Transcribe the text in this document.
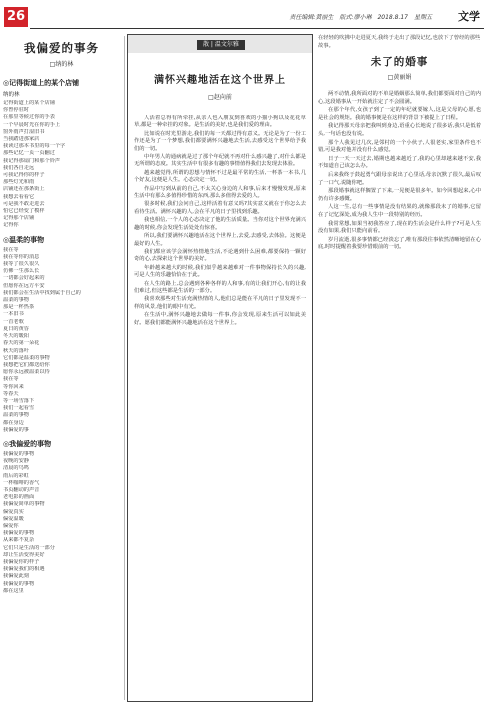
26	责任编辑:黄丽生　版式:廖小琳　2018.8.17　星期五 文学
我偏爱的事务
□纳的林
◎记得街道上的某个店铺
纳的林
记得街道上的某个店铺
你曾停驻时
在那里等候过你的手表
一个早晨时光在你的手上
窗外雨声打湿旧书
当我踏进那家店
我读过那本书里的每一个字
那些记忆一页一页翻过
我记得那扇门和那个铃声
我们各自走远
可我记得你的样子
那些灯光和雨
店铺还在那条街上
我想去看看它
可是我不敢走进去
怕它已经变了模样
记得那个店铺
记得你
◎温柔的事物
我在等
我在等你的消息
我等了很久很久
仿佛一生那么长
一切都会好起来的
但愿你在远方平安
我们都会在生活中找到属于自己的
温柔的事物
那是一杯热茶
一本旧书
一首老歌
夏日的黄昏
冬天的暖阳
春天的第一朵花
秋天的落叶
它们都是温柔的事物
我想把它们都送给你
愿你永远被温柔以待
我在等
等你回来
等春天
等一场雪落下
我们一起看雪
温柔的事物
都在身边
我偏爱的事
◎我偏爱的事物
我偏爱的事物
夜晚的安静
清晨的鸟鸣
雨后的彩虹
一杯咖啡的香气
书页翻动的声音
老电影的画面
我偏爱简单的事物
偏爱真实
偏爱温暖
偏爱你
我偏爱的事物
从来都不复杂
它们只是生活的一部分
却让生活变得美好
我偏爱你的样子
我偏爱我们的相遇
我偏爱此刻
我偏爱的事物
都在这里
散 | 温文尔雅
满怀兴趣地活在这个世界上
□赵向前

人活着总得有所牵挂,从亲人也入朋友到喜欢的小猫小狗以及花花草草,都是一种牵挂的对象。是生活的美好,也是我们爱的理由。

比如说在时光里游走,我们的每一天都过得有意义。无论是为了一份工作还是为了一个梦想,我们都要满怀兴趣地去生活,去感受这个世界给予我们的一切。

中年男人的通病就是过了那个年纪就不再对什么感兴趣了,对什么都是无所谓的态度。其实生活中有很多有趣的事情值得我们去发现去体验。

越来越觉得,所谓的思想与情怀不过是最平常的生活,一杯茶一本书,几个好友,这便是人生。心态决定一切。

作品中写到从前的自己,不太关心身边的人和事,后来才慢慢发现,原来生活中有那么多值得珍惜的东西,那么多值得去爱的人。

很多时候,我们会问自己,这样活着有意义吗?其实意义就在于你怎么去看待生活。满怀兴趣的人,会在平凡的日子里找到乐趣。

我也相信,一个人的心态决定了他的生活质量。当你对这个世界充满兴趣的时候,你会发现生活处处有惊喜。

所以,我们要满怀兴趣地活在这个世界上,去爱,去感受,去体验。这便是最好的人生。

我们都应该学会满怀热情地生活,不论遇到什么困难,都要保持一颗好奇的心,去探索这个世界的美好。

年龄越来越大的时候,我们似乎越来越难对一件事物保持长久的兴趣,可是人生的乐趣恰恰在于此。

在人生的路上,总会遇到各种各样的人和事,有的让我们开心,有的让我们难过,但这些都是生活的一部分。

我喜欢那些对生活充满热情的人,他们总是能在平凡的日子里发现不一样的风景,他们的眼中有光。

在生活中,满怀兴趣地去做每一件事,你会发现,原来生活可以如此美好。愿我们都能满怀兴趣地活在这个世界上。

在轻轻的吹拂中走进夏天,我终于走出了那段记忆,也放下了曾经的那些故事。
未了的婚事
□黄丽娟

两不动情,我所面对的不单是婚姻那么简单,我们都要面对自己的内心,这段婚事从一开始就注定了不会圆满。

在那个年代,女孩子到了一定的年纪就要嫁人,这是父母的心愿,也是社会的规矩。我的婚事便是在这样的背景下被提上了日程。

我记得那天母亲把我叫到身边,语重心长地说了很多话,我只是低着头,一句话也没有说。

那个人我见过几次,是邻村的一个小伙子,人很老实,家里条件也不错,可是我对他并没有什么感觉。

日子一天一天过去,婚期也越来越近了,我的心里却越来越不安,我不知道自己该怎么办。

后来我终于鼓起勇气跟母亲说出了心里话,母亲沉默了很久,最后叹了一口气,说随你吧。

那段婚事就这样搁置了下来,一晃便是很多年。如今回想起来,心中仍有许多感慨。

人这一生,总有一些事情是没有结果的,就像那段未了的婚事,它留在了记忆深处,成为我人生中一段特别的经历。

我常常想,如果当初我答应了,现在的生活会是什么样子?可是人生没有如果,我们只能向前看。

岁月流逝,很多事情都已经淡忘了,唯有那段往事依然清晰地留在心底,时时提醒着我要珍惜眼前的一切。
